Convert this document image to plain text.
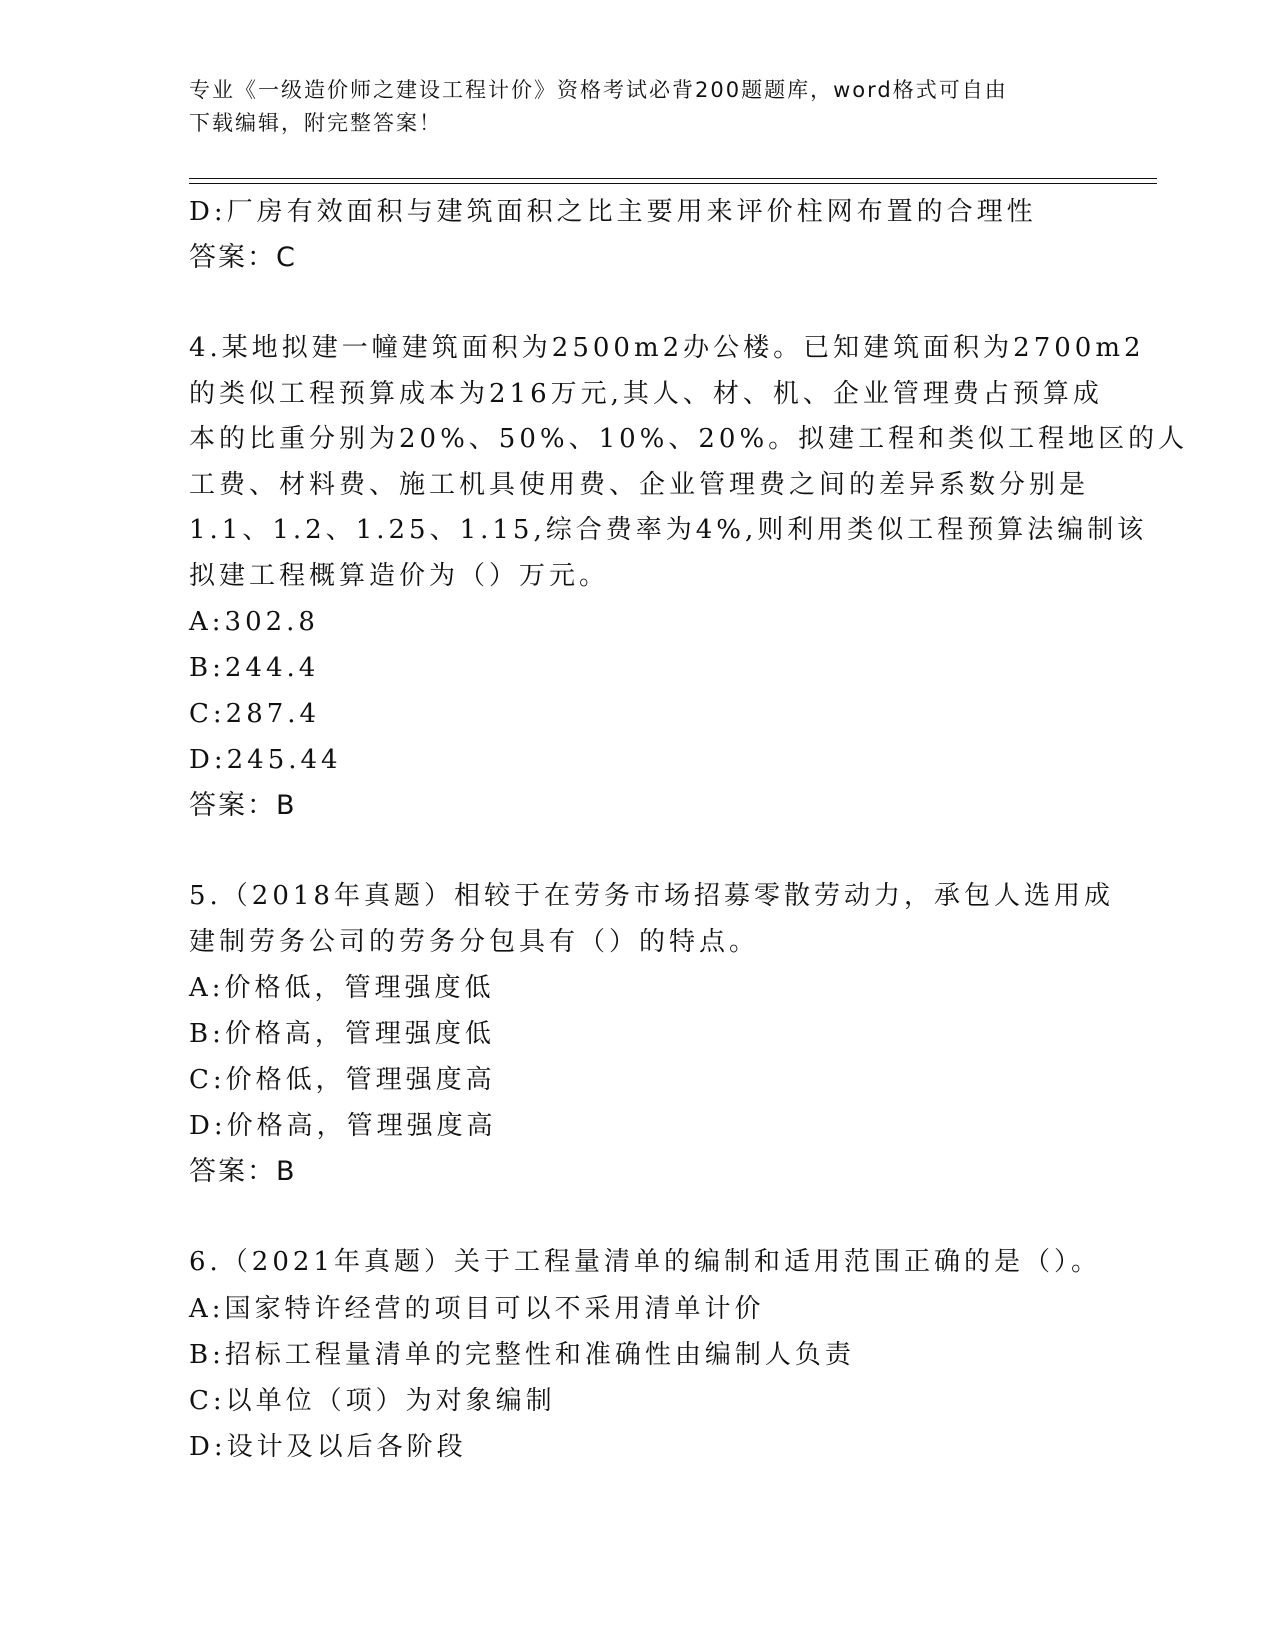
专业《一级造价师之建设工程计价》资格考试必背200题题库，word格式可自由
下载编辑，附完整答案！
D:厂房有效面积与建筑面积之比主要用来评价柱网布置的合理性
答案：C
4.某地拟建一幢建筑面积为2500m2办公楼。已知建筑面积为2700m2
的类似工程预算成本为216万元,其人、材、机、企业管理费占预算成
本的比重分别为20%、50%、10%、20%。拟建工程和类似工程地区的人
工费、材料费、施工机具使用费、企业管理费之间的差异系数分别是
1.1、1.2、1.25、1.15,综合费率为4%,则利用类似工程预算法编制该
拟建工程概算造价为（）万元。
A:302.8
B:244.4
C:287.4
D:245.44
答案：B
5.（2018年真题）相较于在劳务市场招募零散劳动力，承包人选用成
建制劳务公司的劳务分包具有（）的特点。
A:价格低，管理强度低
B:价格高，管理强度低
C:价格低，管理强度高
D:价格高，管理强度高
答案：B
6.（2021年真题）关于工程量清单的编制和适用范围正确的是（）。
A:国家特许经营的项目可以不采用清单计价
B:招标工程量清单的完整性和准确性由编制人负责
C:以单位（项）为对象编制
D:设计及以后各阶段
